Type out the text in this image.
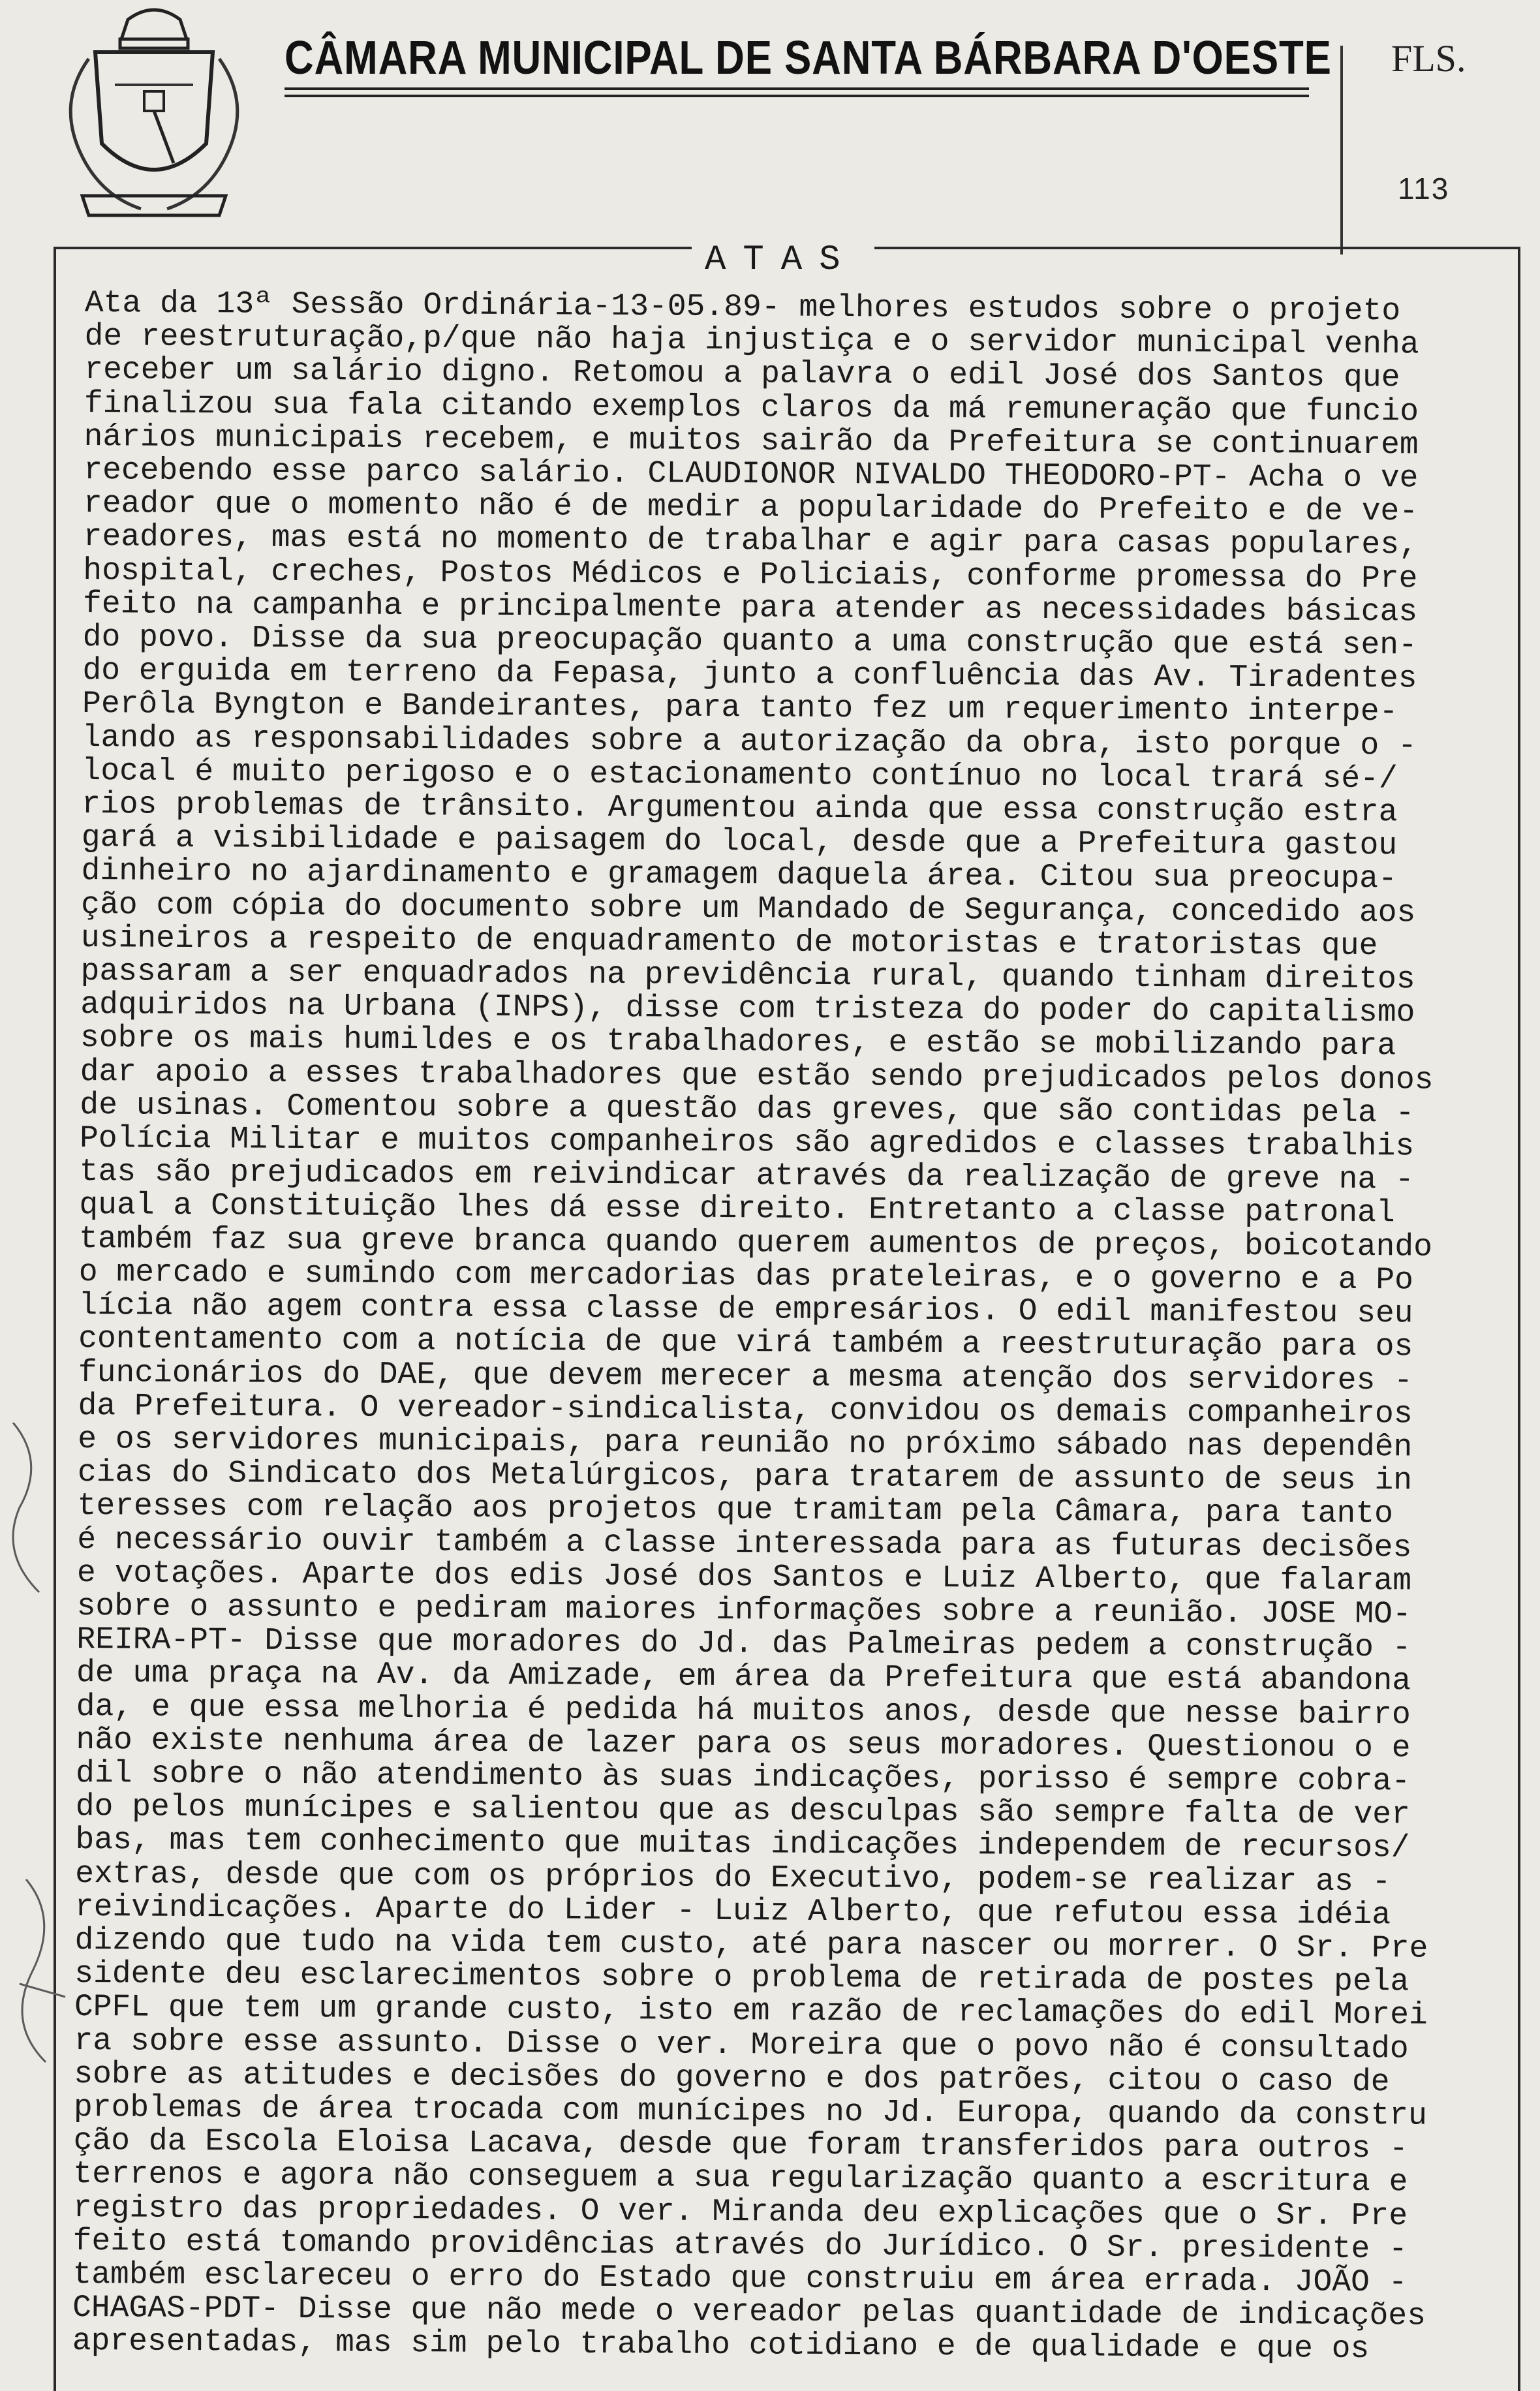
CÂMARA MUNICIPAL DE SANTA BÁRBARA D'OESTE FLS.
113
ATAS
Ata da 13ª Sessão Ordinária-13-05.89- melhores estudos sobre o projeto
de reestruturação,p/que não haja injustiça e o servidor municipal venha
receber um salário digno. Retomou a palavra o edil José dos Santos que
finalizou sua fala citando exemplos claros da má remuneração que funcio
nários municipais recebem, e muitos sairão da Prefeitura se continuarem
recebendo esse parco salário. CLAUDIONOR NIVALDO THEODORO-PT- Acha o ve
reador que o momento não é de medir a popularidade do Prefeito e de ve-
readores, mas está no momento de trabalhar e agir para casas populares,
hospital, creches, Postos Médicos e Policiais, conforme promessa do Pre
feito na campanha e principalmente para atender as necessidades básicas
do povo. Disse da sua preocupação quanto a uma construção que está sen-
do erguida em terreno da Fepasa, junto a confluência das Av. Tiradentes
Perôla Byngton e Bandeirantes, para tanto fez um requerimento interpe-
lando as responsabilidades sobre a autorização da obra, isto porque o -
local é muito perigoso e o estacionamento contínuo no local trará sé-/
rios problemas de trânsito. Argumentou ainda que essa construção estra
gará a visibilidade e paisagem do local, desde que a Prefeitura gastou
dinheiro no ajardinamento e gramagem daquela área. Citou sua preocupa-
ção com cópia do documento sobre um Mandado de Segurança, concedido aos
usineiros a respeito de enquadramento de motoristas e tratoristas que
passaram a ser enquadrados na previdência rural, quando tinham direitos
adquiridos na Urbana (INPS), disse com tristeza do poder do capitalismo
sobre os mais humildes e os trabalhadores, e estão se mobilizando para
dar apoio a esses trabalhadores que estão sendo prejudicados pelos donos
de usinas. Comentou sobre a questão das greves, que são contidas pela -
Polícia Militar e muitos companheiros são agredidos e classes trabalhis
tas são prejudicados em reivindicar através da realização de greve na -
qual a Constituição lhes dá esse direito. Entretanto a classe patronal
também faz sua greve branca quando querem aumentos de preços, boicotando
o mercado e sumindo com mercadorias das prateleiras, e o governo e a Po
lícia não agem contra essa classe de empresários. O edil manifestou seu
contentamento com a notícia de que virá também a reestruturação para os
funcionários do DAE, que devem merecer a mesma atenção dos servidores -
da Prefeitura. O vereador-sindicalista, convidou os demais companheiros
e os servidores municipais, para reunião no próximo sábado nas dependên
cias do Sindicato dos Metalúrgicos, para tratarem de assunto de seus in
teresses com relação aos projetos que tramitam pela Câmara, para tanto
é necessário ouvir também a classe interessada para as futuras decisões
e votações. Aparte dos edis José dos Santos e Luiz Alberto, que falaram
sobre o assunto e pediram maiores informações sobre a reunião. JOSE MO-
REIRA-PT- Disse que moradores do Jd. das Palmeiras pedem a construção -
de uma praça na Av. da Amizade, em área da Prefeitura que está abandona
da, e que essa melhoria é pedida há muitos anos, desde que nesse bairro
não existe nenhuma área de lazer para os seus moradores. Questionou o e
dil sobre o não atendimento às suas indicações, porisso é sempre cobra-
do pelos munícipes e salientou que as desculpas são sempre falta de ver
bas, mas tem conhecimento que muitas indicações independem de recursos/
extras, desde que com os próprios do Executivo, podem-se realizar as -
reivindicações. Aparte do Lider - Luiz Alberto, que refutou essa idéia
dizendo que tudo na vida tem custo, até para nascer ou morrer. O Sr. Pre
sidente deu esclarecimentos sobre o problema de retirada de postes pela
CPFL que tem um grande custo, isto em razão de reclamações do edil Morei
ra sobre esse assunto. Disse o ver. Moreira que o povo não é consultado
sobre as atitudes e decisões do governo e dos patrões, citou o caso de
problemas de área trocada com munícipes no Jd. Europa, quando da constru
ção da Escola Eloisa Lacava, desde que foram transferidos para outros -
terrenos e agora não conseguem a sua regularização quanto a escritura e
registro das propriedades. O ver. Miranda deu explicações que o Sr. Pre
feito está tomando providências através do Jurídico. O Sr. presidente -
também esclareceu o erro do Estado que construiu em área errada. JOÃO -
CHAGAS-PDT- Disse que não mede o vereador pelas quantidade de indicações
apresentadas, mas sim pelo trabalho cotidiano e de qualidade e que os
